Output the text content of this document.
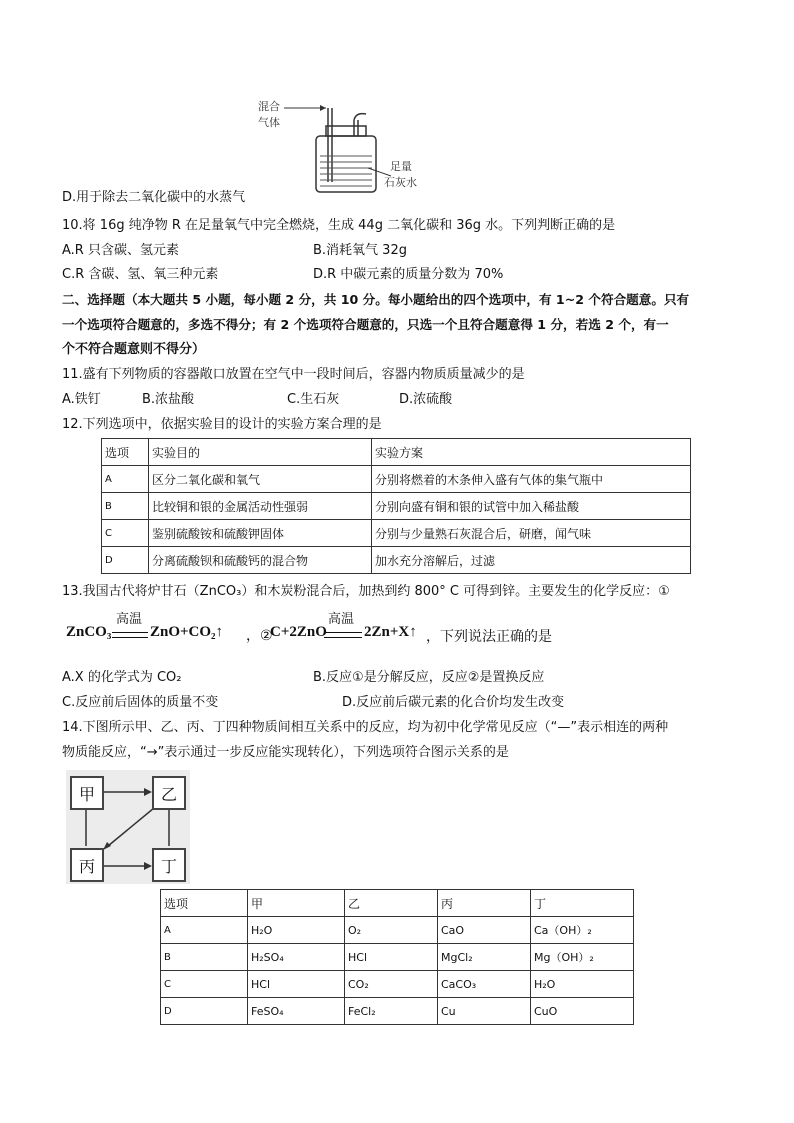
混合
气体
足量
石灰水
D.用于除去二氧化碳中的水蒸气
10.将 16g 纯净物 R 在足量氧气中完全燃烧，生成 44g 二氧化碳和 36g 水。下列判断正确的是
A.R 只含碳、氢元素	B.消耗氧气 32g
C.R 含碳、氢、氧三种元素	D.R 中碳元素的质量分数为 70%
二、选择题（本大题共 5 小题，每小题 2 分，共 10 分。每小题给出的四个选项中，有 1~2 个符合题意。只有
一个选项符合题意的，多选不得分；有 2 个选项符合题意的，只选一个且符合题意得 1 分，若选 2 个，有一
个不符合题意则不得分）
11.盛有下列物质的容器敞口放置在空气中一段时间后，容器内物质质量减少的是
A.铁钉	B.浓盐酸	C.生石灰	D.浓硫酸
12.下列选项中，依据实验目的设计的实验方案合理的是
选项	实验目的	实验方案
A	区分二氧化碳和氧气	分别将燃着的木条伸入盛有气体的集气瓶中
B	比较铜和银的金属活动性强弱	分别向盛有铜和银的试管中加入稀盐酸
C	鉴别硫酸铵和硫酸钾固体	分别与少量熟石灰混合后，研磨，闻气味
D	分离硫酸钡和硫酸钙的混合物	加水充分溶解后，过滤
13.我国古代将炉甘石（ZnCO₃）和木炭粉混合后，加热到约 800° C 可得到锌。主要发生的化学反应：①
ZnCO₃
高温
ZnO+CO₂↑ ，②
C+2ZnO
高温
2Zn+X↑ ，下列说法正确的是
A.X 的化学式为 CO₂	B.反应①是分解反应，反应②是置换反应
C.反应前后固体的质量不变	D.反应前后碳元素的化合价均发生改变
14.下图所示甲、乙、丙、丁四种物质间相互关系中的反应，均为初中化学常见反应（“—”表示相连的两种
物质能反应，“→”表示通过一步反应能实现转化），下列选项符合图示关系的是
甲	乙
丙	丁
选项	甲	乙	丙	丁
A	H₂O	O₂	CaO	Ca（OH）₂
B	H₂SO₄	HCl	MgCl₂	Mg（OH）₂
C	HCl	CO₂	CaCO₃	H₂O
D	FeSO₄	FeCl₂	Cu	CuO
